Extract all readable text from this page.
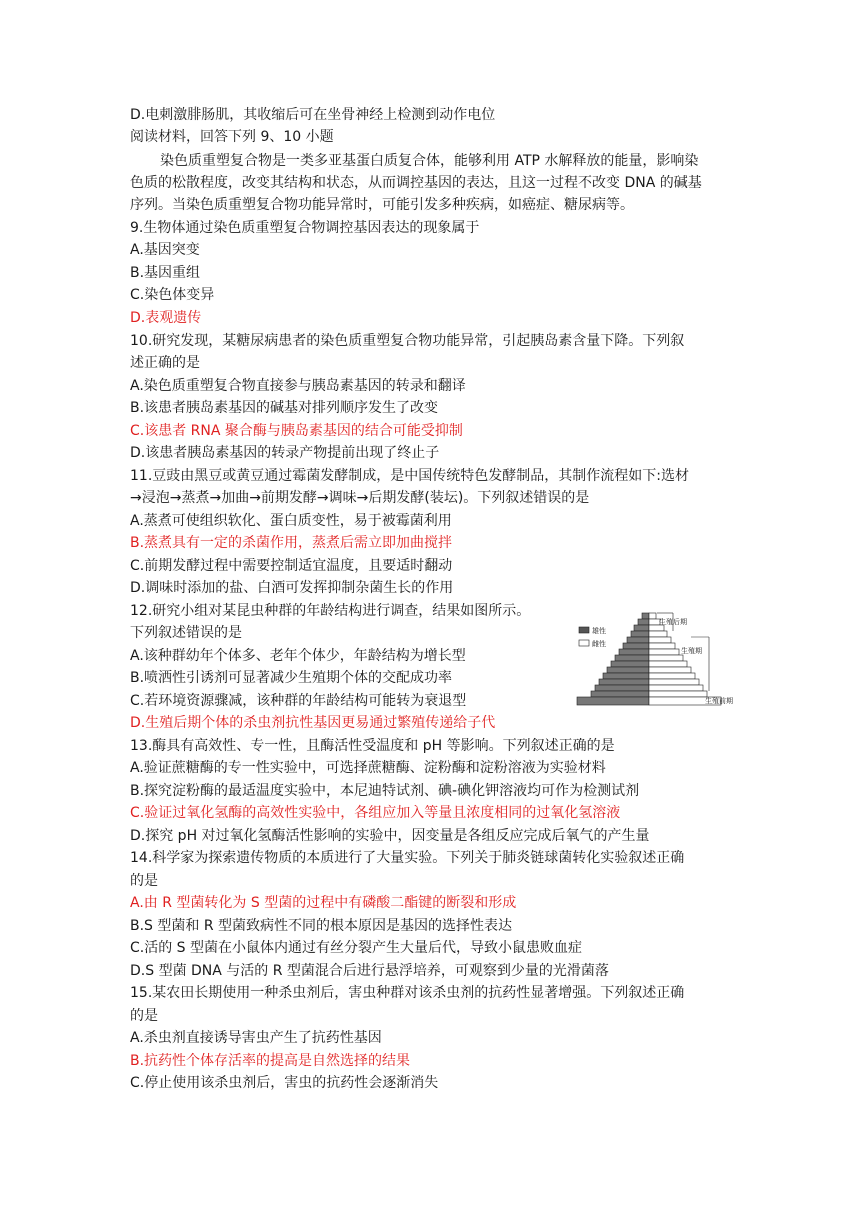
D.电刺激腓肠肌，其收缩后可在坐骨神经上检测到动作电位
阅读材料，回答下列 9、10 小题
染色质重塑复合物是一类多亚基蛋白质复合体，能够利用 ATP 水解释放的能量，影响染
色质的松散程度，改变其结构和状态，从而调控基因的表达，且这一过程不改变 DNA 的碱基
序列。当染色质重塑复合物功能异常时，可能引发多种疾病，如癌症、糖尿病等。
9.生物体通过染色质重塑复合物调控基因表达的现象属于
A.基因突变
B.基因重组
C.染色体变异
D.表观遗传
10.研究发现，某糖尿病患者的染色质重塑复合物功能异常，引起胰岛素含量下降。下列叙
述正确的是
A.染色质重塑复合物直接参与胰岛素基因的转录和翻译
B.该患者胰岛素基因的碱基对排列顺序发生了改变
C.该患者 RNA 聚合酶与胰岛素基因的结合可能受抑制
D.该患者胰岛素基因的转录产物提前出现了终止子
11.豆豉由黑豆或黄豆通过霉菌发酵制成，是中国传统特色发酵制品，其制作流程如下:选材
→浸泡→蒸煮→加曲→前期发酵→调味→后期发酵(装坛)。下列叙述错误的是
A.蒸煮可使组织软化、蛋白质变性，易于被霉菌利用
B.蒸煮具有一定的杀菌作用，蒸煮后需立即加曲搅拌
C.前期发酵过程中需要控制适宜温度，且要适时翻动
D.调味时添加的盐、白酒可发挥抑制杂菌生长的作用
12.研究小组对某昆虫种群的年龄结构进行调查，结果如图所示。
下列叙述错误的是
A.该种群幼年个体多、老年个体少，年龄结构为增长型
B.喷洒性引诱剂可显著减少生殖期个体的交配成功率
C.若环境资源骤减，该种群的年龄结构可能转为衰退型
D.生殖后期个体的杀虫剂抗性基因更易通过繁殖传递给子代
13.酶具有高效性、专一性，且酶活性受温度和 pH 等影响。下列叙述正确的是
A.验证蔗糖酶的专一性实验中，可选择蔗糖酶、淀粉酶和淀粉溶液为实验材料
B.探究淀粉酶的最适温度实验中，本尼迪特试剂、碘-碘化钾溶液均可作为检测试剂
C.验证过氧化氢酶的高效性实验中，各组应加入等量且浓度相同的过氧化氢溶液
D.探究 pH 对过氧化氢酶活性影响的实验中，因变量是各组反应完成后氧气的产生量
14.科学家为探索遗传物质的本质进行了大量实验。下列关于肺炎链球菌转化实验叙述正确
的是
A.由 R 型菌转化为 S 型菌的过程中有磷酸二酯键的断裂和形成
B.S 型菌和 R 型菌致病性不同的根本原因是基因的选择性表达
C.活的 S 型菌在小鼠体内通过有丝分裂产生大量后代，导致小鼠患败血症
D.S 型菌 DNA 与活的 R 型菌混合后进行悬浮培养，可观察到少量的光滑菌落
15.某农田长期使用一种杀虫剂后，害虫种群对该杀虫剂的抗药性显著增强。下列叙述正确
的是
A.杀虫剂直接诱导害虫产生了抗药性基因
B.抗药性个体存活率的提高是自然选择的结果
C.停止使用该杀虫剂后，害虫的抗药性会逐渐消失
雄性
雌性
生殖后期
生殖期
生殖前期
